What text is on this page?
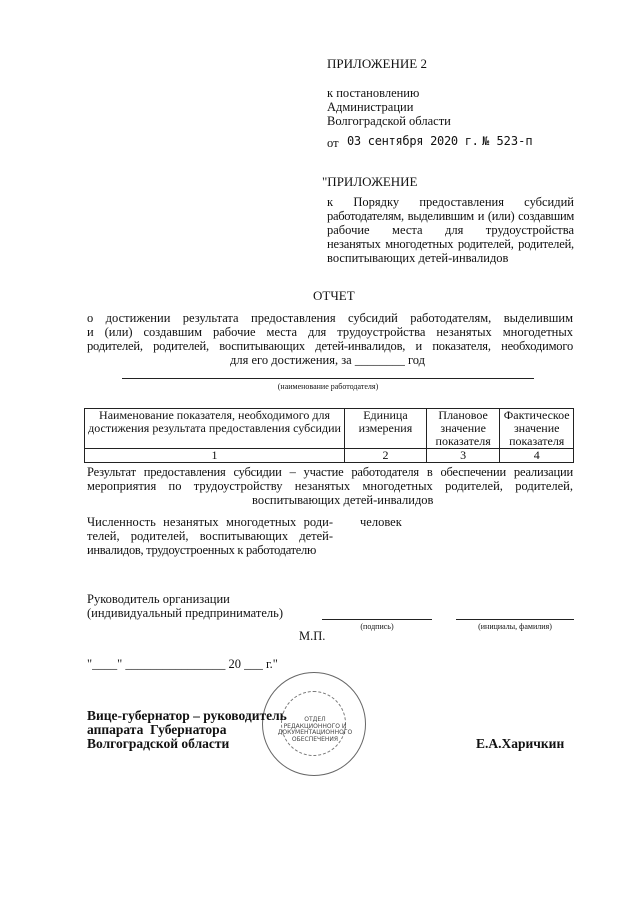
ПРИЛОЖЕНИЕ 2
к постановлению
Администрации
Волгоградской области
от 03 сентября 2020 г. № 523-п
"ПРИЛОЖЕНИЕ
к Порядку предоставления субсидий
работодателям, выделившим и (или) создавшим
рабочие места для трудоустройства
незанятых многодетных родителей, родителей,
воспитывающих детей-инвалидов
ОТЧЕТ
о достижении результата предоставления субсидий работодателям, выделившим
и (или) создавшим рабочие места для трудоустройства незанятых многодетных
родителей, родителей, воспитывающих детей-инвалидов, и показателя, необходимого
для его достижения, за ________ год
(наименование работодателя)
Наименование показателя, необходимого для достижения результата предоставления субсидии	Единица измерения	Плановое значение показателя	Фактическое значение показателя
1	2	3	4
Результат предоставления субсидии – участие работодателя в обеспечении реализации
мероприятия по трудоустройству незанятых многодетных родителей, родителей,
воспитывающих детей-инвалидов
Численность незанятых многодетных роди-
телей, родителей, воспитывающих детей-
инвалидов, трудоустроенных к работодателю
человек
Руководитель организации
(индивидуальный предприниматель)
(подпись)	(инициалы, фамилия)
М.П.
"____" ________________ 20 ___ г."
ОТДЕЛ
РЕДАКЦИОННОГО И
ДОКУМЕНТАЦИОННОГО
ОБЕСПЕЧЕНИЯ
Вице-губернатор – руководитель
аппарата  Губернатора
Волгоградской области	Е.А.Харичкин
